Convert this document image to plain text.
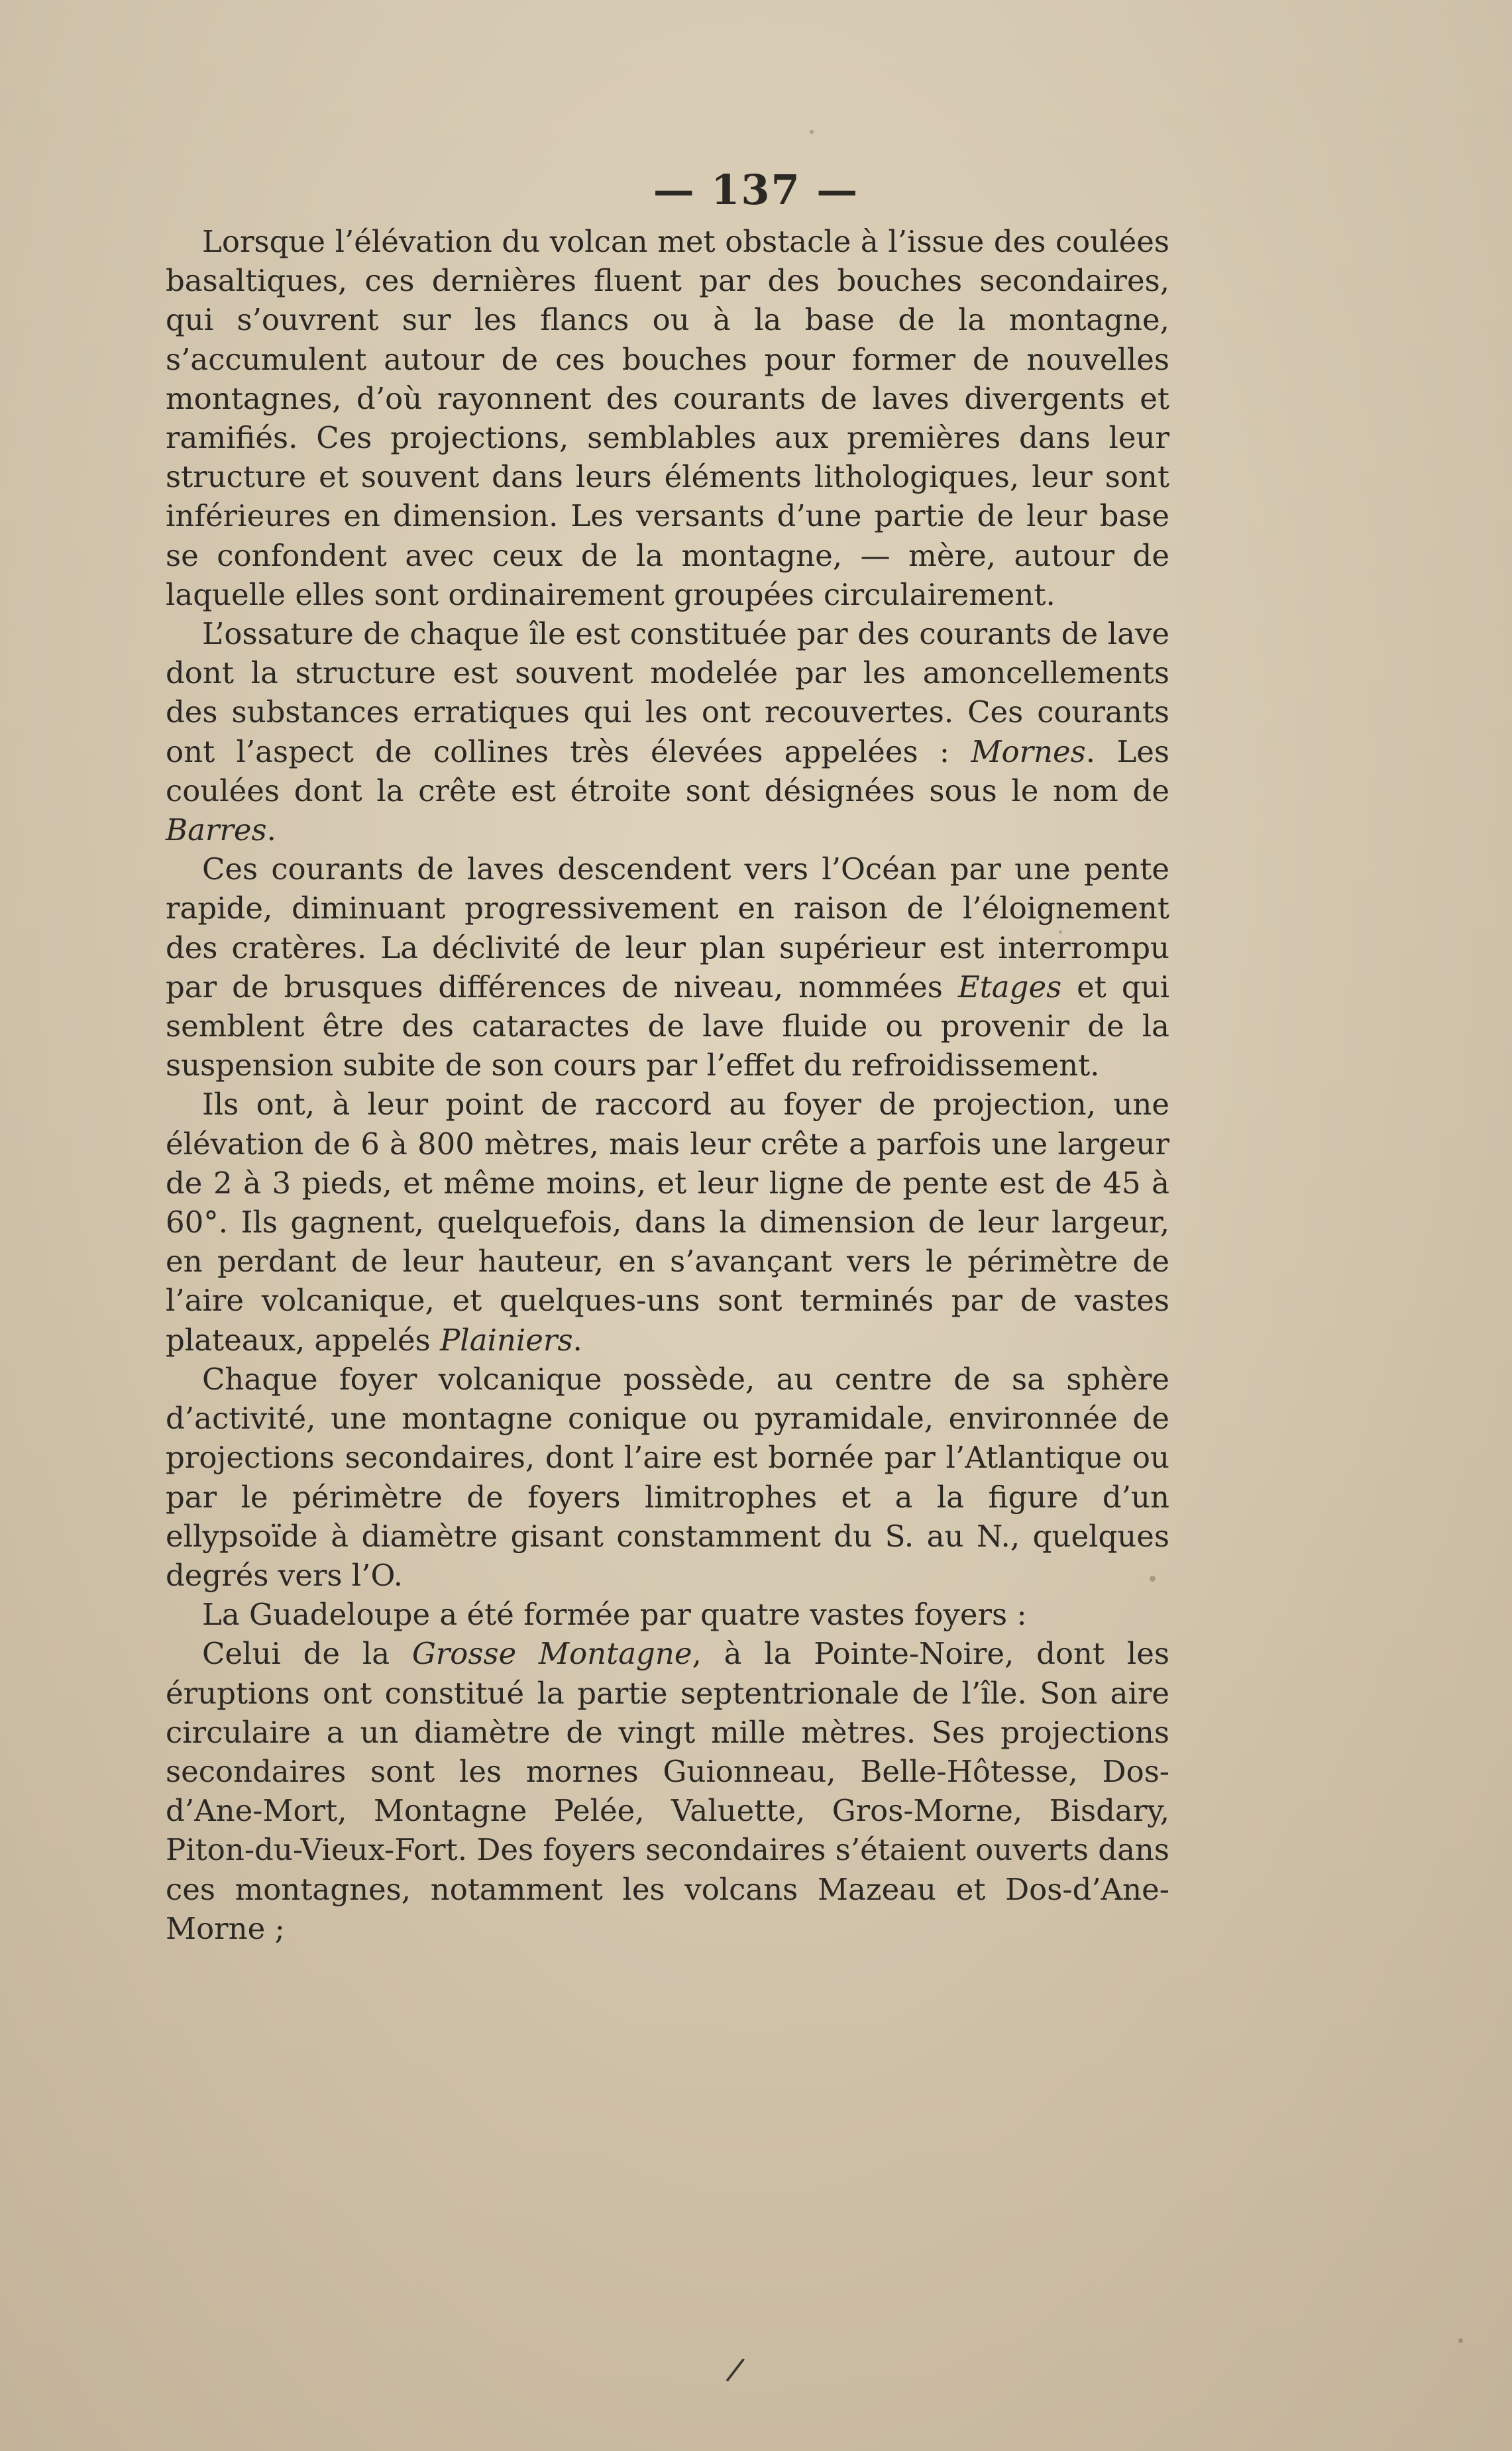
— 137 —

Lorsque l’élévation du volcan met obstacle à l’issue des coulées basaltiques, ces dernières fluent par des bouches secondaires, qui s’ouvrent sur les flancs ou à la base de la montagne, s’accumulent autour de ces bouches pour former de nouvelles montagnes, d’où rayonnent des courants de laves divergents et ramifiés. Ces projections, semblables aux premières dans leur structure et souvent dans leurs éléments lithologiques, leur sont inférieures en dimension. Les versants d’une partie de leur base se confondent avec ceux de la montagne, — mère, autour de laquelle elles sont ordinairement groupées circulairement.

L’ossature de chaque île est constituée par des courants de lave dont la structure est souvent modelée par les amoncellements des substances erratiques qui les ont recouvertes. Ces courants ont l’aspect de collines très élevées appelées : Mornes. Les coulées dont la crête est étroite sont désignées sous le nom de Barres.

Ces courants de laves descendent vers l’Océan par une pente rapide, diminuant progressivement en raison de l’éloignement des cratères. La déclivité de leur plan supérieur est interrompu par de brusques différences de niveau, nommées Etages et qui semblent être des cataractes de lave fluide ou provenir de la suspension subite de son cours par l’effet du refroidissement.

Ils ont, à leur point de raccord au foyer de projection, une élévation de 6 à 800 mètres, mais leur crête a parfois une largeur de 2 à 3 pieds, et même moins, et leur ligne de pente est de 45 à 60°. Ils gagnent, quelquefois, dans la dimension de leur largeur, en perdant de leur hauteur, en s’avançant vers le périmètre de l’aire volcanique, et quelques-uns sont terminés par de vastes plateaux, appelés Plainiers.

Chaque foyer volcanique possède, au centre de sa sphère d’activité, une montagne conique ou pyramidale, environnée de projections secondaires, dont l’aire est bornée par l’Atlantique ou par le périmètre de foyers limitrophes et a la figure d’un ellypsoïde à diamètre gisant constamment du S. au N., quelques degrés vers l’O.

La Guadeloupe a été formée par quatre vastes foyers :

Celui de la Grosse Montagne, à la Pointe-Noire, dont les éruptions ont constitué la partie septentrionale de l’île. Son aire circulaire a un diamètre de vingt mille mètres. Ses projections secondaires sont les mornes Guionneau, Belle-Hôtesse, Dos-d’Ane-Mort, Montagne Pelée, Valuette, Gros-Morne, Bisdary, Piton-du-Vieux-Fort. Des foyers secondaires s’étaient ouverts dans ces montagnes, notamment les volcans Mazeau et Dos-d’Ane-Morne ;

/
